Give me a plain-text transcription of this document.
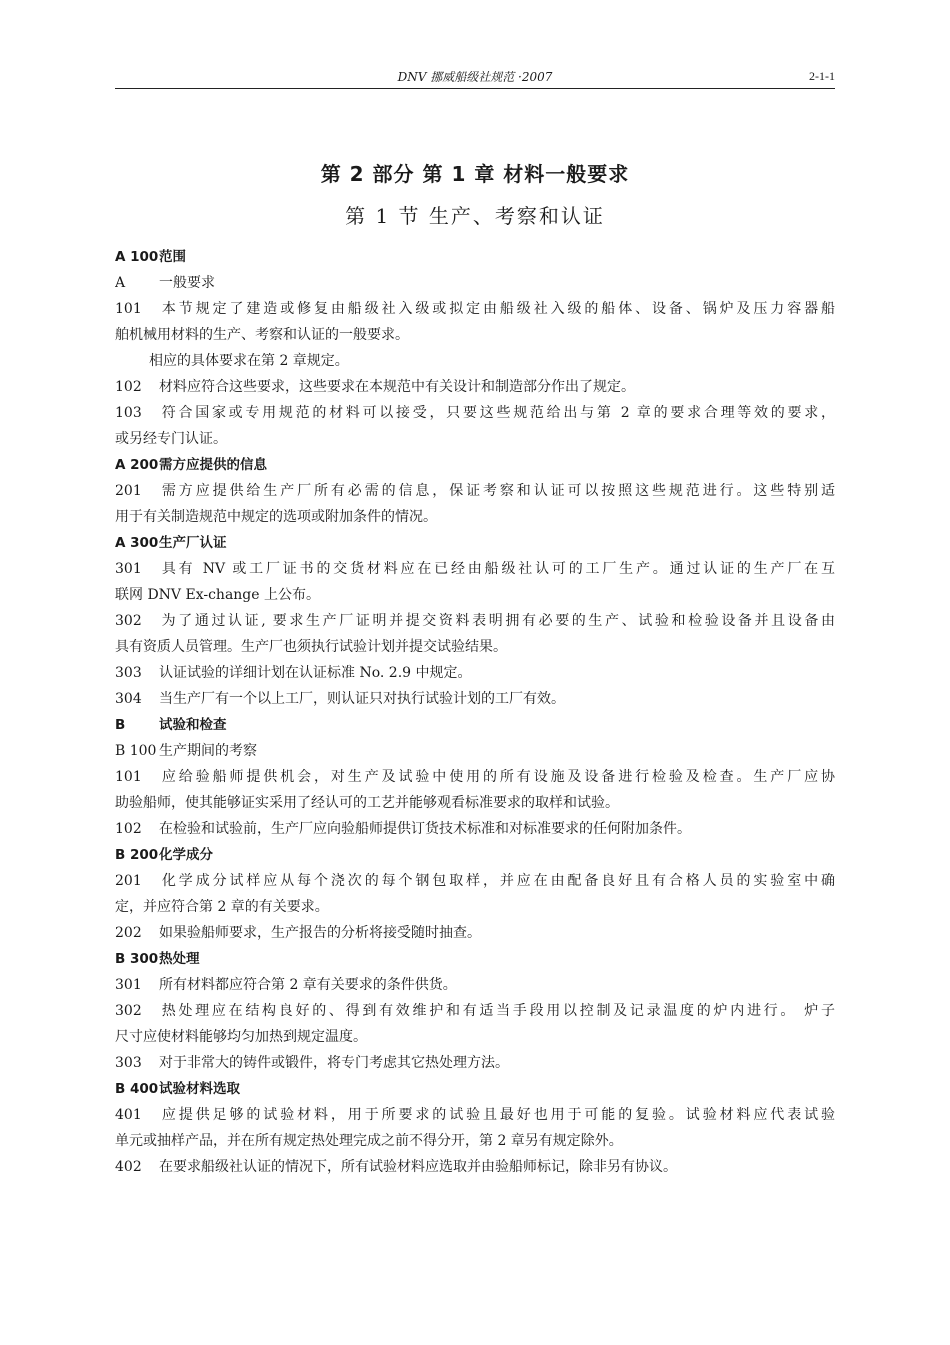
DNV 挪威船级社规范 ·2007	2-1-1
第 2 部分 第 1 章 材料一般要求
第 1 节 生产、考察和认证
A 100范围
A 一般要求
101 本节规定了建造或修复由船级社入级或拟定由船级社入级的船体、设备、锅炉及压力容器船
舶机械用材料的生产、考察和认证的一般要求。
相应的具体要求在第 2 章规定。
102 材料应符合这些要求，这些要求在本规范中有关设计和制造部分作出了规定。
103 符合国家或专用规范的材料可以接受，只要这些规范给出与第 2 章的要求合理等效的要求，
或另经专门认证。
A 200需方应提供的信息
201 需方应提供给生产厂所有必需的信息，保证考察和认证可以按照这些规范进行。这些特别适
用于有关制造规范中规定的选项或附加条件的情况。
A 300生产厂认证
301 具有 NV 或工厂证书的交货材料应在已经由船级社认可的工厂生产。通过认证的生产厂在互
联网 DNV Ex-change 上公布。
302 为了通过认证, 要求生产厂证明并提交资料表明拥有必要的生产、试验和检验设备并且设备由
具有资质人员管理。生产厂也须执行试验计划并提交试验结果。
303 认证试验的详细计划在认证标准 No. 2.9 中规定。
304 当生产厂有一个以上工厂，则认证只对执行试验计划的工厂有效。
B 试验和检查
B 100 生产期间的考察
101 应给验船师提供机会，对生产及试验中使用的所有设施及设备进行检验及检查。生产厂应协
助验船师，使其能够证实采用了经认可的工艺并能够观看标准要求的取样和试验。
102 在检验和试验前，生产厂应向验船师提供订货技术标准和对标准要求的任何附加条件。
B 200化学成分
201 化学成分试样应从每个浇次的每个钢包取样，并应在由配备良好且有合格人员的实验室中确
定，并应符合第 2 章的有关要求。
202 如果验船师要求，生产报告的分析将接受随时抽查。
B 300热处理
301 所有材料都应符合第 2 章有关要求的条件供货。
302 热处理应在结构良好的、得到有效维护和有适当手段用以控制及记录温度的炉内进行。 炉子
尺寸应使材料能够均匀加热到规定温度。
303 对于非常大的铸件或锻件，将专门考虑其它热处理方法。
B 400试验材料选取
401 应提供足够的试验材料，用于所要求的试验且最好也用于可能的复验。试验材料应代表试验
单元或抽样产品，并在所有规定热处理完成之前不得分开，第 2 章另有规定除外。
402 在要求船级社认证的情况下，所有试验材料应选取并由验船师标记，除非另有协议。
